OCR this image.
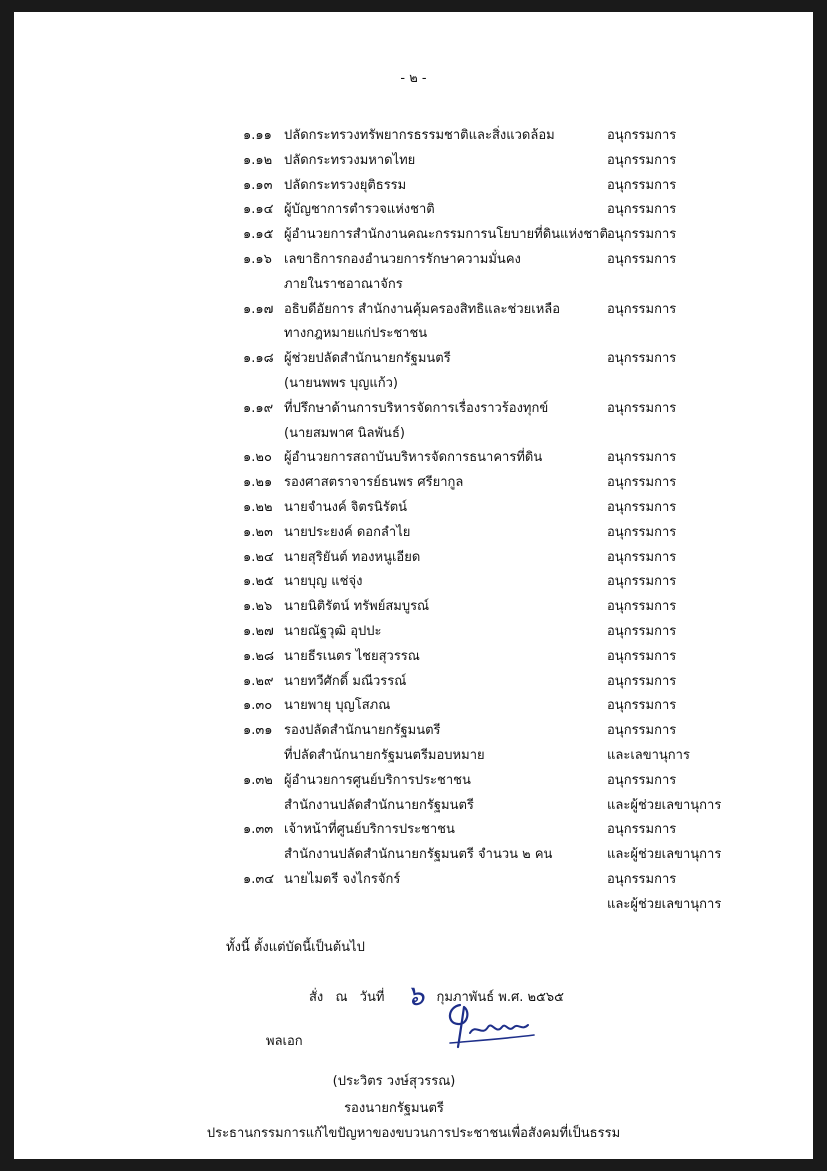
- ๒ -
๑.๑๑ ปลัดกระทรวงทรัพยากรธรรมชาติและสิ่งแวดล้อม	อนุกรรมการ
๑.๑๒ ปลัดกระทรวงมหาดไทย	อนุกรรมการ
๑.๑๓ ปลัดกระทรวงยุติธรรม	อนุกรรมการ
๑.๑๔ ผู้บัญชาการตำรวจแห่งชาติ	อนุกรรมการ
๑.๑๕ ผู้อำนวยการสำนักงานคณะกรรมการนโยบายที่ดินแห่งชาติ อนุกรรมการ
๑.๑๖ เลขาธิการกองอำนวยการรักษาความมั่นคง	อนุกรรมการ
ภายในราชอาณาจักร
๑.๑๗ อธิบดีอัยการ สำนักงานคุ้มครองสิทธิและช่วยเหลือ	อนุกรรมการ
ทางกฎหมายแก่ประชาชน
๑.๑๘ ผู้ช่วยปลัดสำนักนายกรัฐมนตรี	อนุกรรมการ
(นายนพพร บุญแก้ว)
๑.๑๙ ที่ปรึกษาด้านการบริหารจัดการเรื่องราวร้องทุกข์	อนุกรรมการ
(นายสมพาศ นิลพันธ์)
๑.๒๐ ผู้อำนวยการสถาบันบริหารจัดการธนาคารที่ดิน	อนุกรรมการ
๑.๒๑ รองศาสตราจารย์ธนพร ศรียากูล	อนุกรรมการ
๑.๒๒ นายจำนงค์ จิตรนิรัตน์	อนุกรรมการ
๑.๒๓ นายประยงค์ ดอกลำไย	อนุกรรมการ
๑.๒๔ นายสุริยันต์ ทองหนูเอียด	อนุกรรมการ
๑.๒๕ นายบุญ แช่จุ่ง	อนุกรรมการ
๑.๒๖ นายนิติรัตน์ ทรัพย์สมบูรณ์	อนุกรรมการ
๑.๒๗ นายณัฐวุฒิ อุปปะ	อนุกรรมการ
๑.๒๘ นายธีรเนตร ไชยสุวรรณ	อนุกรรมการ
๑.๒๙ นายทวีศักดิ์ มณีวรรณ์	อนุกรรมการ
๑.๓๐ นายพายุ บุญโสภณ	อนุกรรมการ
๑.๓๑ รองปลัดสำนักนายกรัฐมนตรี	อนุกรรมการ
ที่ปลัดสำนักนายกรัฐมนตรีมอบหมาย	และเลขานุการ
๑.๓๒ ผู้อำนวยการศูนย์บริการประชาชน	อนุกรรมการ
สำนักงานปลัดสำนักนายกรัฐมนตรี	และผู้ช่วยเลขานุการ
๑.๓๓ เจ้าหน้าที่ศูนย์บริการประชาชน	อนุกรรมการ
สำนักงานปลัดสำนักนายกรัฐมนตรี จำนวน ๒ คน	และผู้ช่วยเลขานุการ
๑.๓๔ นายไมตรี จงไกรจักร์	อนุกรรมการ
และผู้ช่วยเลขานุการ
ทั้งนี้ ตั้งแต่บัดนี้เป็นต้นไป
สั่ง ณ วันที่ ๖ กุมภาพันธ์ พ.ศ. ๒๕๖๕
พลเอก
(ประวิตร วงษ์สุวรรณ)
รองนายกรัฐมนตรี
ประธานกรรมการแก้ไขปัญหาของขบวนการประชาชนเพื่อสังคมที่เป็นธรรม
